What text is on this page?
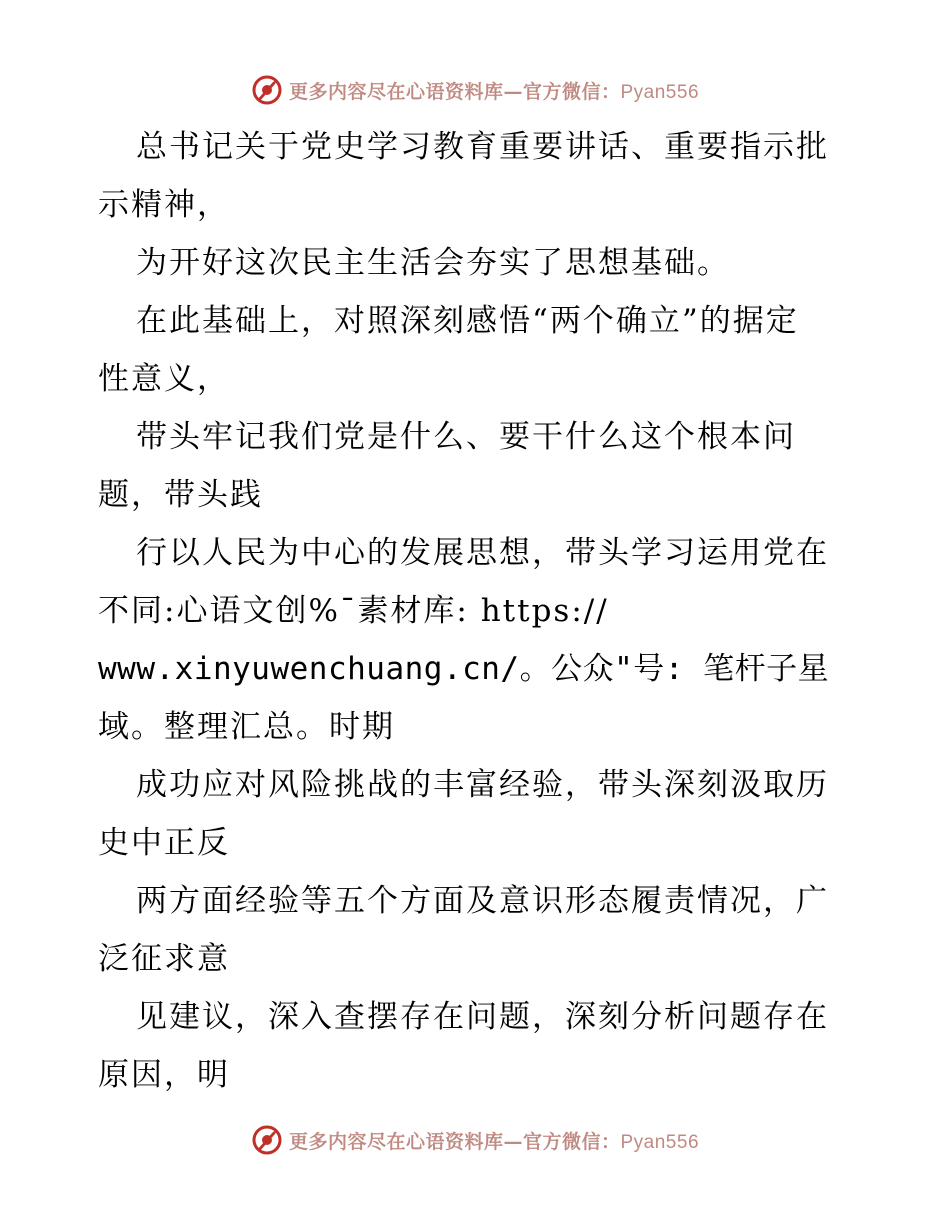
更多内容尽在心语资料库—官方微信：Pyan556
总书记关于党史学习教育重要讲话、重要指示批
示精神，
为开好这次民主生活会夯实了思想基础。
在此基础上，对照深刻感悟“两个确立”的据定
性意义，
带头牢记我们党是什么、要干什么这个根本问
题，带头践
行以人民为中心的发展思想，带头学习运用党在
不同:心语文创%¯素材库: https://
www.xinyuwenchuang.cn/。公众"号: 笔杆子星
域。整理汇总。时期
成功应对风险挑战的丰富经验，带头深刻汲取历
史中正反
两方面经验等五个方面及意识形态履责情况，广
泛征求意
见建议，深入查摆存在问题，深刻分析问题存在
原因，明
更多内容尽在心语资料库—官方微信：Pyan556
